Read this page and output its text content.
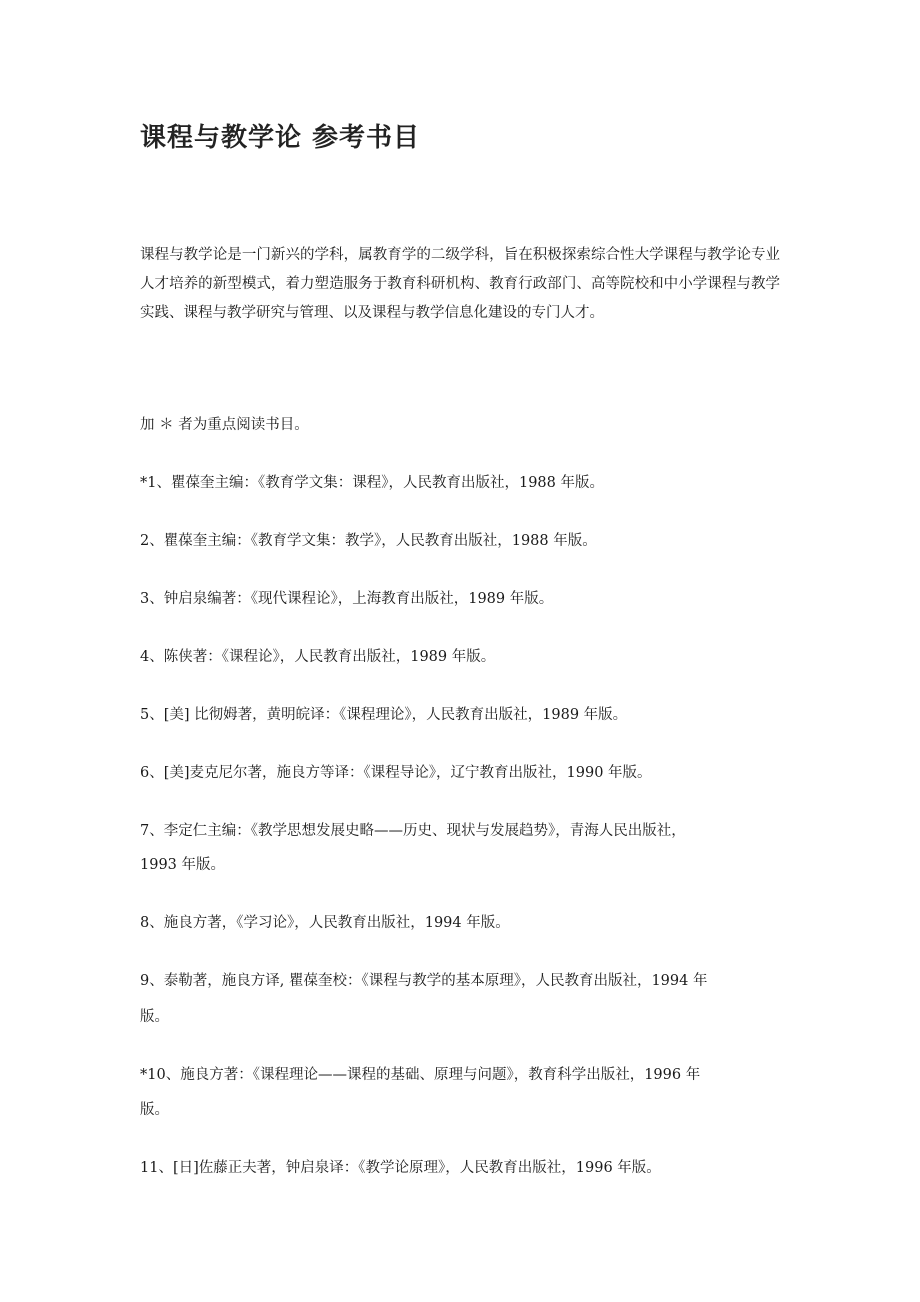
课程与教学论 参考书目

课程与教学论是一门新兴的学科，属教育学的二级学科，旨在积极探索综合性大学课程与教学论专业人才培养的新型模式，着力塑造服务于教育科研机构、教育行政部门、高等院校和中小学课程与教学实践、课程与教学研究与管理、以及课程与教学信息化建设的专门人才。

加 ＊ 者为重点阅读书目。

*1、瞿葆奎主编：《教育学文集：课程》，人民教育出版社，1988 年版。

2、瞿葆奎主编：《教育学文集：教学》，人民教育出版社，1988 年版。

3、钟启泉编著：《现代课程论》，上海教育出版社，1989 年版。

4、陈侠著：《课程论》，人民教育出版社，1989 年版。

5、[美] 比彻姆著，黄明皖译：《课程理论》，人民教育出版社，1989 年版。

6、[美]麦克尼尔著，施良方等译：《课程导论》，辽宁教育出版社，1990 年版。

7、李定仁主编：《教学思想发展史略——历史、现状与发展趋势》，青海人民出版社，

1993 年版。

8、施良方著，《学习论》，人民教育出版社，1994 年版。

9、泰勒著，施良方译, 瞿葆奎校：《课程与教学的基本原理》，人民教育出版社，1994 年

版。

*10、施良方著：《课程理论——课程的基础、原理与问题》，教育科学出版社，1996 年

版。

11、[日]佐藤正夫著，钟启泉译：《教学论原理》，人民教育出版社，1996 年版。
